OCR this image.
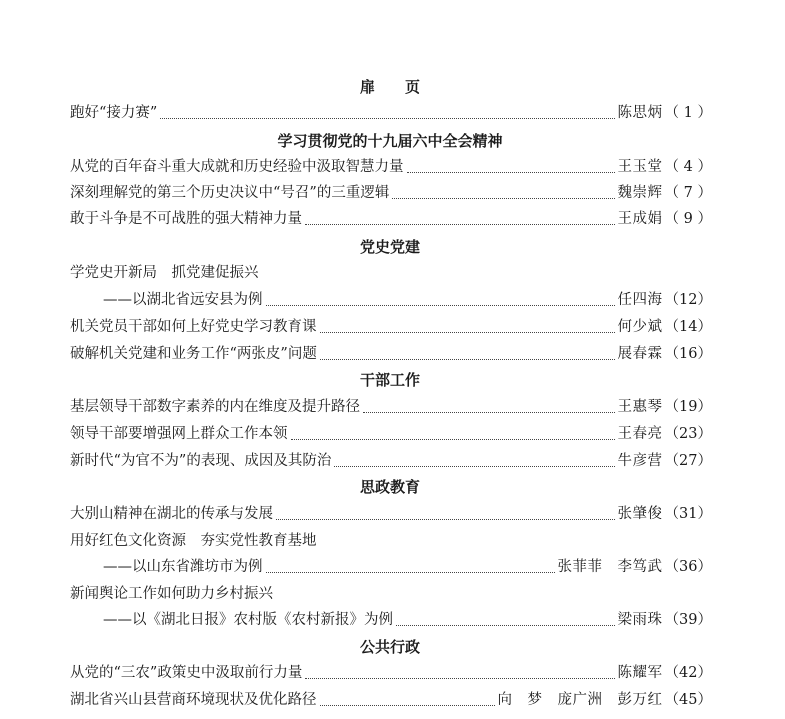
扉　　页
跑好“接力赛”	陈思炳 （ 1 ）
学习贯彻党的十九届六中全会精神
从党的百年奋斗重大成就和历史经验中汲取智慧力量	王玉堂 （ 4 ）
深刻理解党的第三个历史决议中“号召”的三重逻辑	魏崇辉 （ 7 ）
敢于斗争是不可战胜的强大精神力量	王成娟 （ 9 ）
党史党建
学党史开新局　抓党建促振兴
——以湖北省远安县为例	任四海 （12）
机关党员干部如何上好党史学习教育课	何少斌 （14）
破解机关党建和业务工作“两张皮”问题	展春霖 （16）
干部工作
基层领导干部数字素养的内在维度及提升路径	王惠琴 （19）
领导干部要增强网上群众工作本领	王春亮 （23）
新时代“为官不为”的表现、成因及其防治	牛彦营 （27）
思政教育
大别山精神在湖北的传承与发展	张肇俊 （31）
用好红色文化资源　夯实党性教育基地
——以山东省潍坊市为例	张菲菲　李笃武 （36）
新闻舆论工作如何助力乡村振兴
——以《湖北日报》农村版《农村新报》为例	梁雨珠 （39）
公共行政
从党的“三农”政策史中汲取前行力量	陈耀军 （42）
湖北省兴山县营商环境现状及优化路径	向　梦　庞广洲　彭万红 （45）
